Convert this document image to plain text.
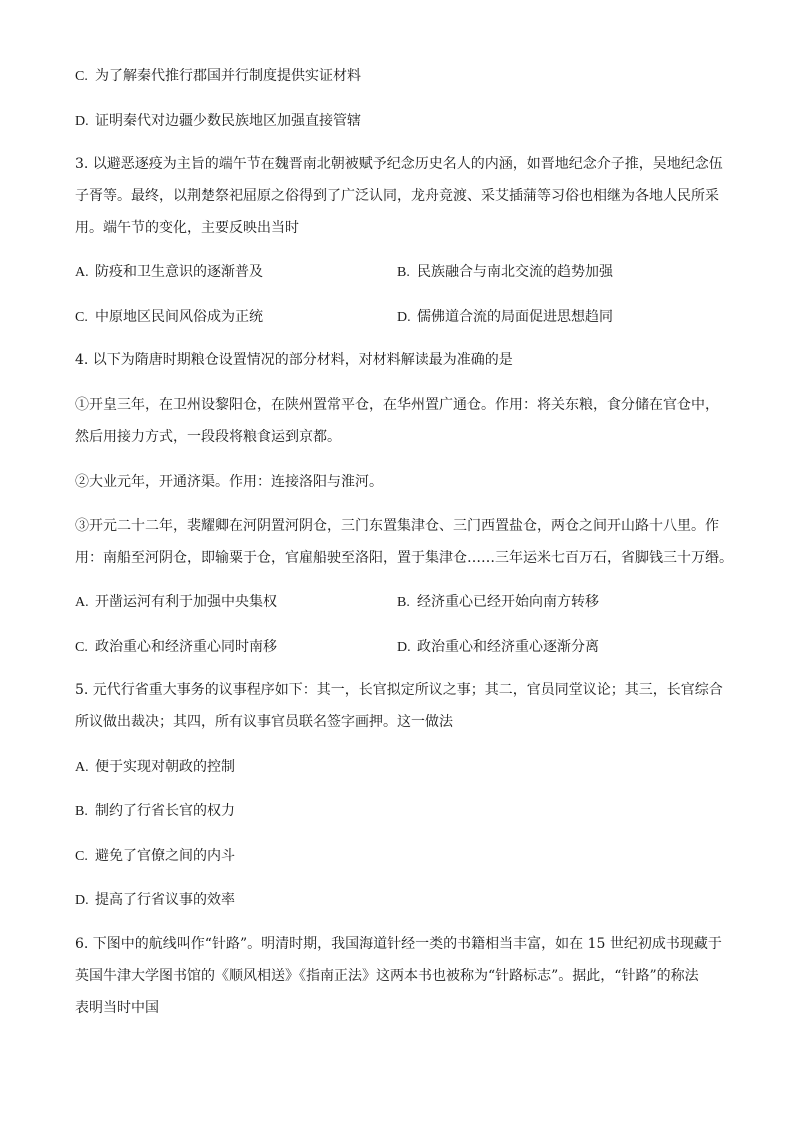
C. 为了解秦代推行郡国并行制度提供实证材料
D. 证明秦代对边疆少数民族地区加强直接管辖
3. 以避恶逐疫为主旨的端午节在魏晋南北朝被赋予纪念历史名人的内涵，如晋地纪念介子推，吴地纪念伍
子胥等。最终，以荆楚祭祀屈原之俗得到了广泛认同，龙舟竞渡、采艾插蒲等习俗也相继为各地人民所采
用。端午节的变化，主要反映出当时
A. 防疫和卫生意识的逐渐普及	B. 民族融合与南北交流的趋势加强
C. 中原地区民间风俗成为正统	D. 儒佛道合流的局面促进思想趋同
4. 以下为隋唐时期粮仓设置情况的部分材料，对材料解读最为准确的是
①开皇三年，在卫州设黎阳仓，在陕州置常平仓，在华州置广通仓。作用：将关东粮，食分储在官仓中，
然后用接力方式，一段段将粮食运到京都。
②大业元年，开通济渠。作用：连接洛阳与淮河。
③开元二十二年，裴耀卿在河阴置河阴仓，三门东置集津仓、三门西置盐仓，两仓之间开山路十八里。作
用：南船至河阴仓，即输粟于仓，官雇船驶至洛阳，置于集津仓……三年运米七百万石，省脚钱三十万缗。
A. 开凿运河有利于加强中央集权	B. 经济重心已经开始向南方转移
C. 政治重心和经济重心同时南移	D. 政治重心和经济重心逐渐分离
5. 元代行省重大事务的议事程序如下：其一，长官拟定所议之事；其二，官员同堂议论；其三，长官综合
所议做出裁决；其四，所有议事官员联名签字画押。这一做法
A. 便于实现对朝政的控制
B. 制约了行省长官的权力
C. 避免了官僚之间的内斗
D. 提高了行省议事的效率
6. 下图中的航线叫作“针路”。明清时期，我国海道针经一类的书籍相当丰富，如在 15 世纪初成书现藏于
英国牛津大学图书馆的《顺风相送》《指南正法》这两本书也被称为“针路标志”。据此，“针路”的称法
表明当时中国
